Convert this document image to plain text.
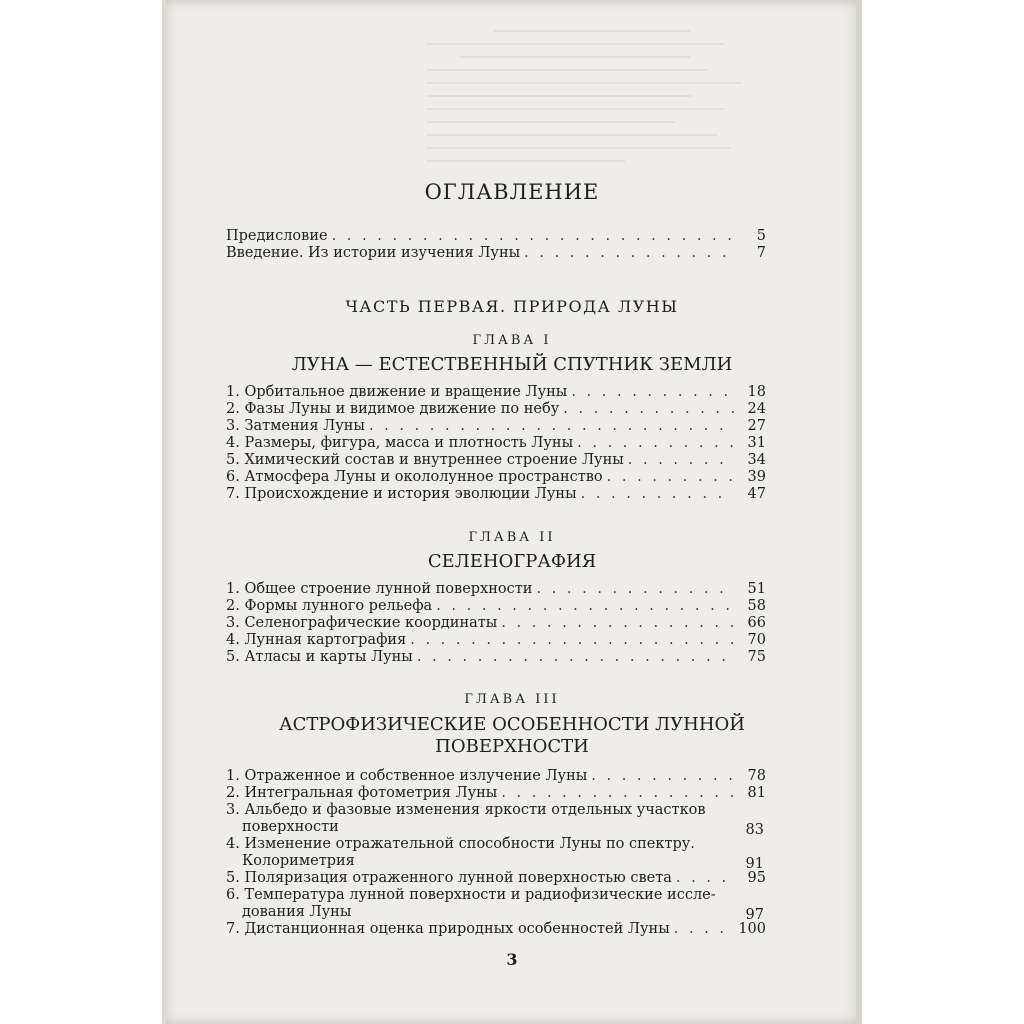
ОГЛАВЛЕНИЕ
Предисловие . . .	5
Введение. Из истории изучения Луны . . .	7
ЧАСТЬ ПЕРВАЯ. ПРИРОДА ЛУНЫ
ГЛАВА I
ЛУНА — ЕСТЕСТВЕННЫЙ СПУТНИК ЗЕМЛИ
1. Орбитальное движение и вращение Луны . . .	18
2. Фазы Луны и видимое движение по небу . . .	24
3. Затмения Луны . . .	27
4. Размеры, фигура, масса и плотность Луны . . .	31
5. Химический состав и внутреннее строение Луны . . .	34
6. Атмосфера Луны и окололунное пространство . . .	39
7. Происхождение и история эволюции Луны . . .	47
ГЛАВА II
СЕЛЕНОГРАФИЯ
1. Общее строение лунной поверхности . . .	51
2. Формы лунного рельефа . . .	58
3. Селенографические координаты . . .	66
4. Лунная картография . . .	70
5. Атласы и карты Луны . . .	75
ГЛАВА III
АСТРОФИЗИЧЕСКИЕ ОСОБЕННОСТИ ЛУННОЙ
ПОВЕРХНОСТИ
1. Отраженное и собственное излучение Луны . . .	78
2. Интегральная фотометрия Луны . . .	81
3. Альбедо и фазовые изменения яркости отдельных участков
поверхности	83
4. Изменение отражательной способности Луны по спектру.
Колориметрия	91
5. Поляризация отраженного лунной поверхностью света . . .	95
6. Температура лунной поверхности и радиофизические иссле-
дования Луны	97
7. Дистанционная оценка природных особенностей Луны . . .	100
3
